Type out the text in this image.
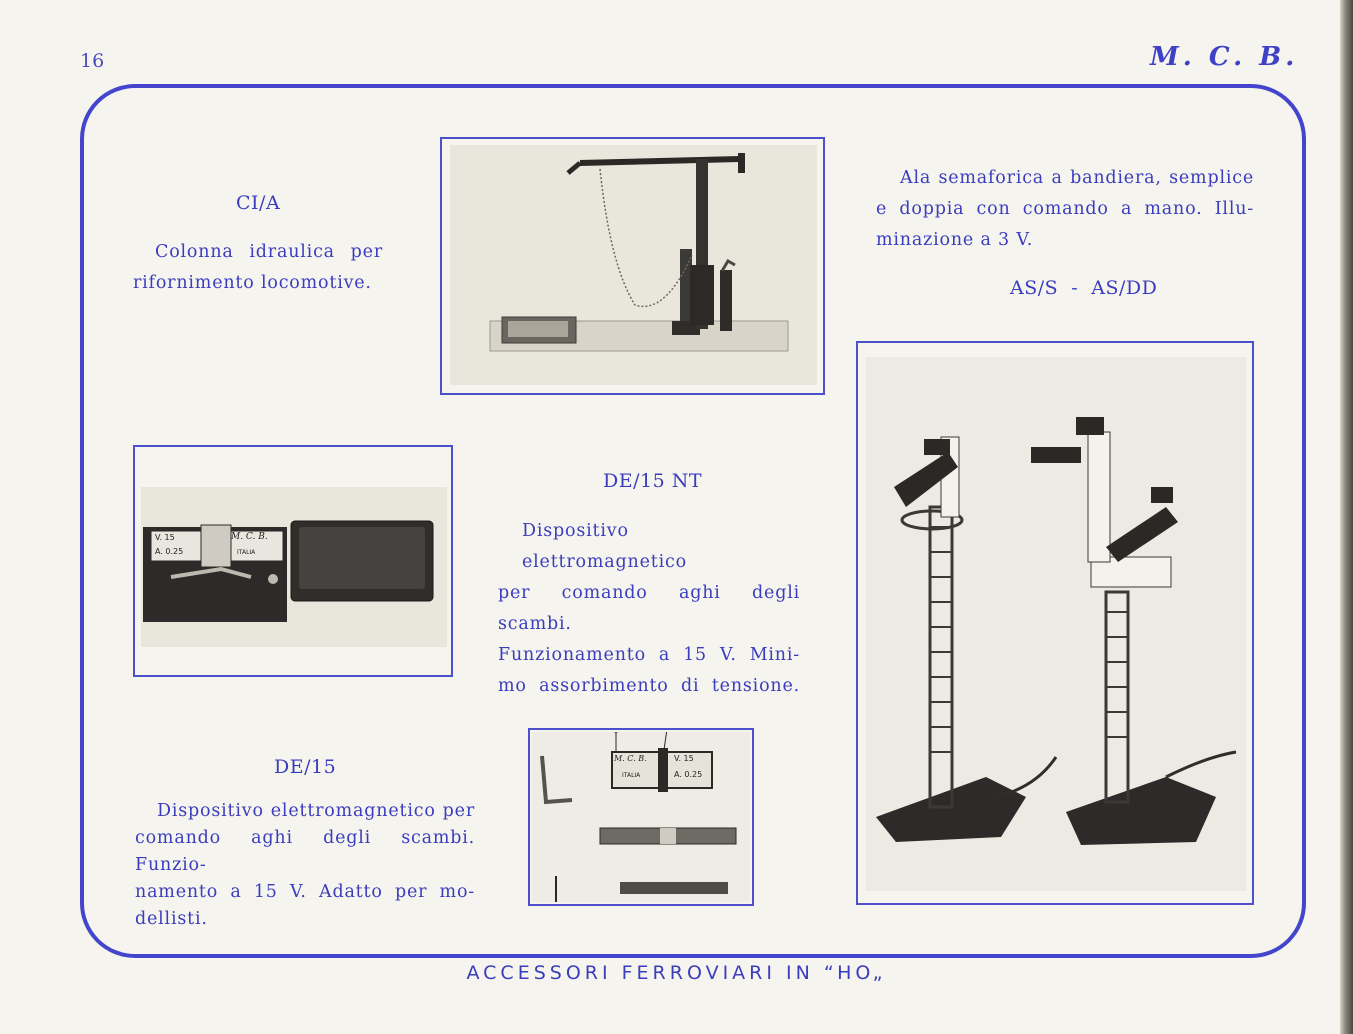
16	M. C. B.
CI/A
Colonna idraulica per
rifornimento locomotive.
Ala semaforica a bandiera, semplice
e doppia con comando a mano. Illu-
minazione a 3 V.
AS/S  -  AS/DD
V. 15
A. 0.25
M. C. B.
ITALIA
DE/15 NT
Dispositivo elettromagnetico
per comando aghi degli scambi.
Funzionamento a 15 V. Mini-
mo assorbimento di tensione.
M. C. B.
ITALIA
V. 15
A. 0.25
DE/15
Dispositivo elettromagnetico per
comando aghi degli scambi. Funzio-
namento a 15 V. Adatto per mo-
dellisti.
ACCESSORI FERROVIARI IN “HO„
